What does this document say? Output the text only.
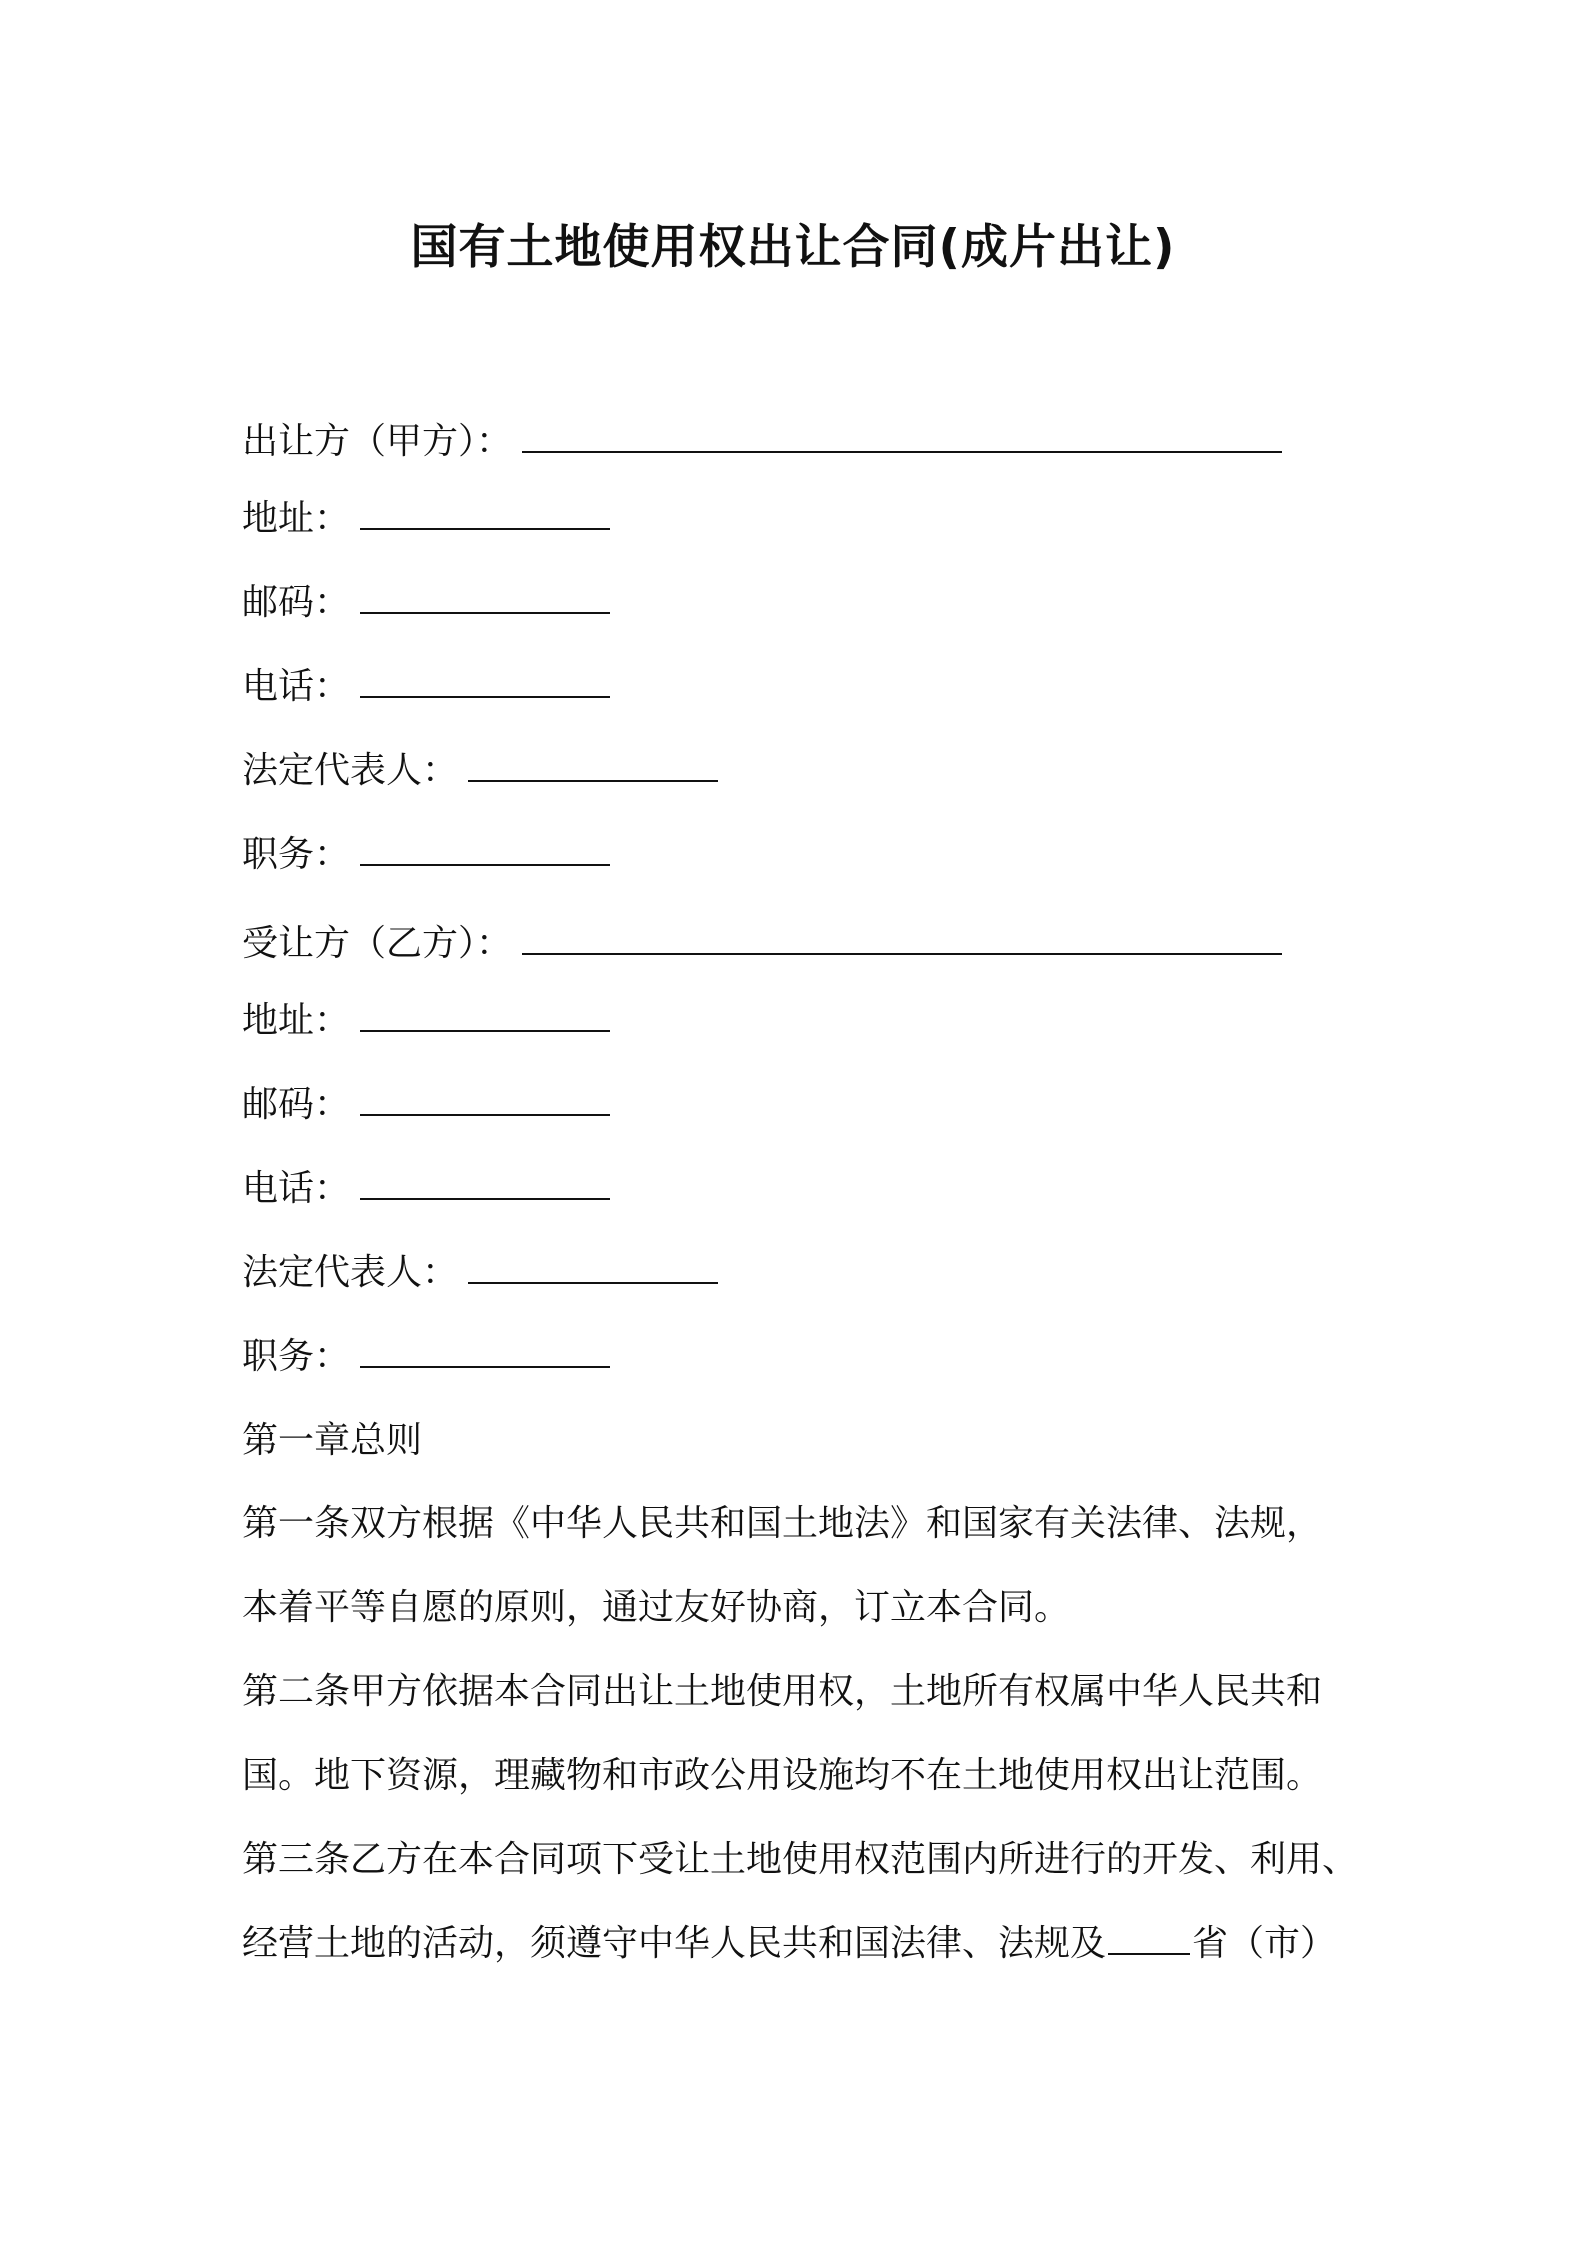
国有土地使用权出让合同(成片出让)
出让方（甲方）：
地址：
邮码：
电话：
法定代表人：
职务：
受让方（乙方）：
地址：
邮码：
电话：
法定代表人：
职务：
第一章总则
第一条双方根据《中华人民共和国土地法》和国家有关法律、法规，
本着平等自愿的原则，通过友好协商，订立本合同。
第二条甲方依据本合同出让土地使用权，土地所有权属中华人民共和
国。地下资源，理藏物和市政公用设施均不在土地使用权出让范围。
第三条乙方在本合同项下受让土地使用权范围内所进行的开发、利用、
经营土地的活动，须遵守中华人民共和国法律、法规及 省（市）
